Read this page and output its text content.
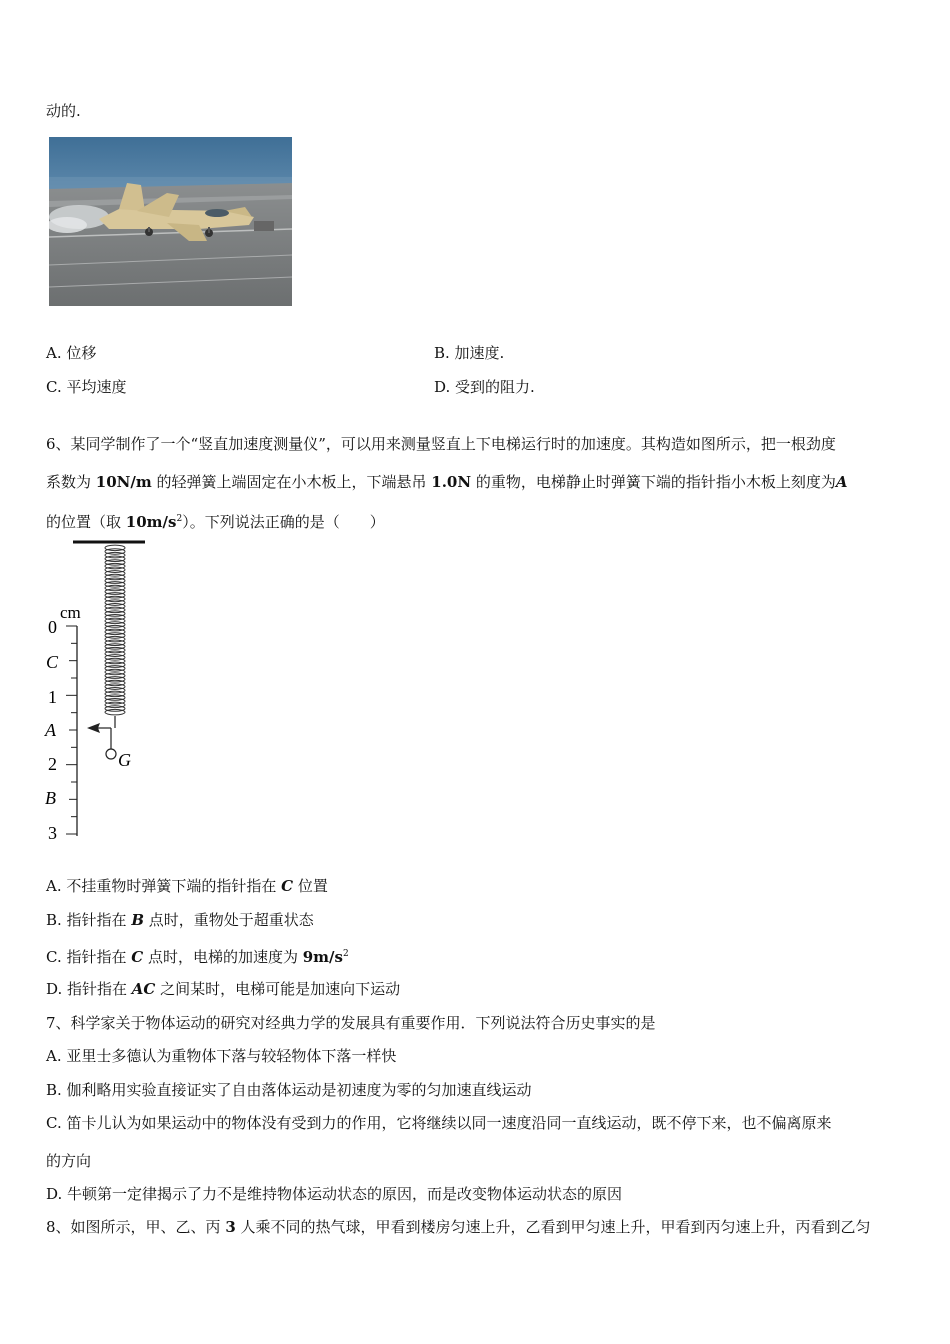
动的.
A. 位移	B. 加速度.
C. 平均速度	D. 受到的阻力.
6、某同学制作了一个“竖直加速度测量仪”，可以用来测量竖直上下电梯运行时的加速度。其构造如图所示，把一根劲度
系数为 10N/m 的轻弹簧上端固定在小木板上，下端悬吊 1.0N 的重物，电梯静止时弹簧下端的指针指小木板上刻度为A
的位置（取 $10m/s^2$）。下列说法正确的是（　　）
G
cm
0
C
1
A
2
B
3
A. 不挂重物时弹簧下端的指针指在 C 位置
B. 指针指在 B 点时，重物处于超重状态
C. 指针指在 C 点时，电梯的加速度为 $9m/s^2$
D. 指针指在 AC 之间某时，电梯可能是加速向下运动
7、科学家关于物体运动的研究对经典力学的发展具有重要作用．下列说法符合历史事实的是
A. 亚里士多德认为重物体下落与较轻物体下落一样快
B. 伽利略用实验直接证实了自由落体运动是初速度为零的匀加速直线运动
C. 笛卡儿认为如果运动中的物体没有受到力的作用，它将继续以同一速度沿同一直线运动，既不停下来，也不偏离原来
的方向
D. 牛顿第一定律揭示了力不是维持物体运动状态的原因，而是改变物体运动状态的原因
8、如图所示，甲、乙、丙 3 人乘不同的热气球，甲看到楼房匀速上升，乙看到甲匀速上升，甲看到丙匀速上升，丙看到乙匀
